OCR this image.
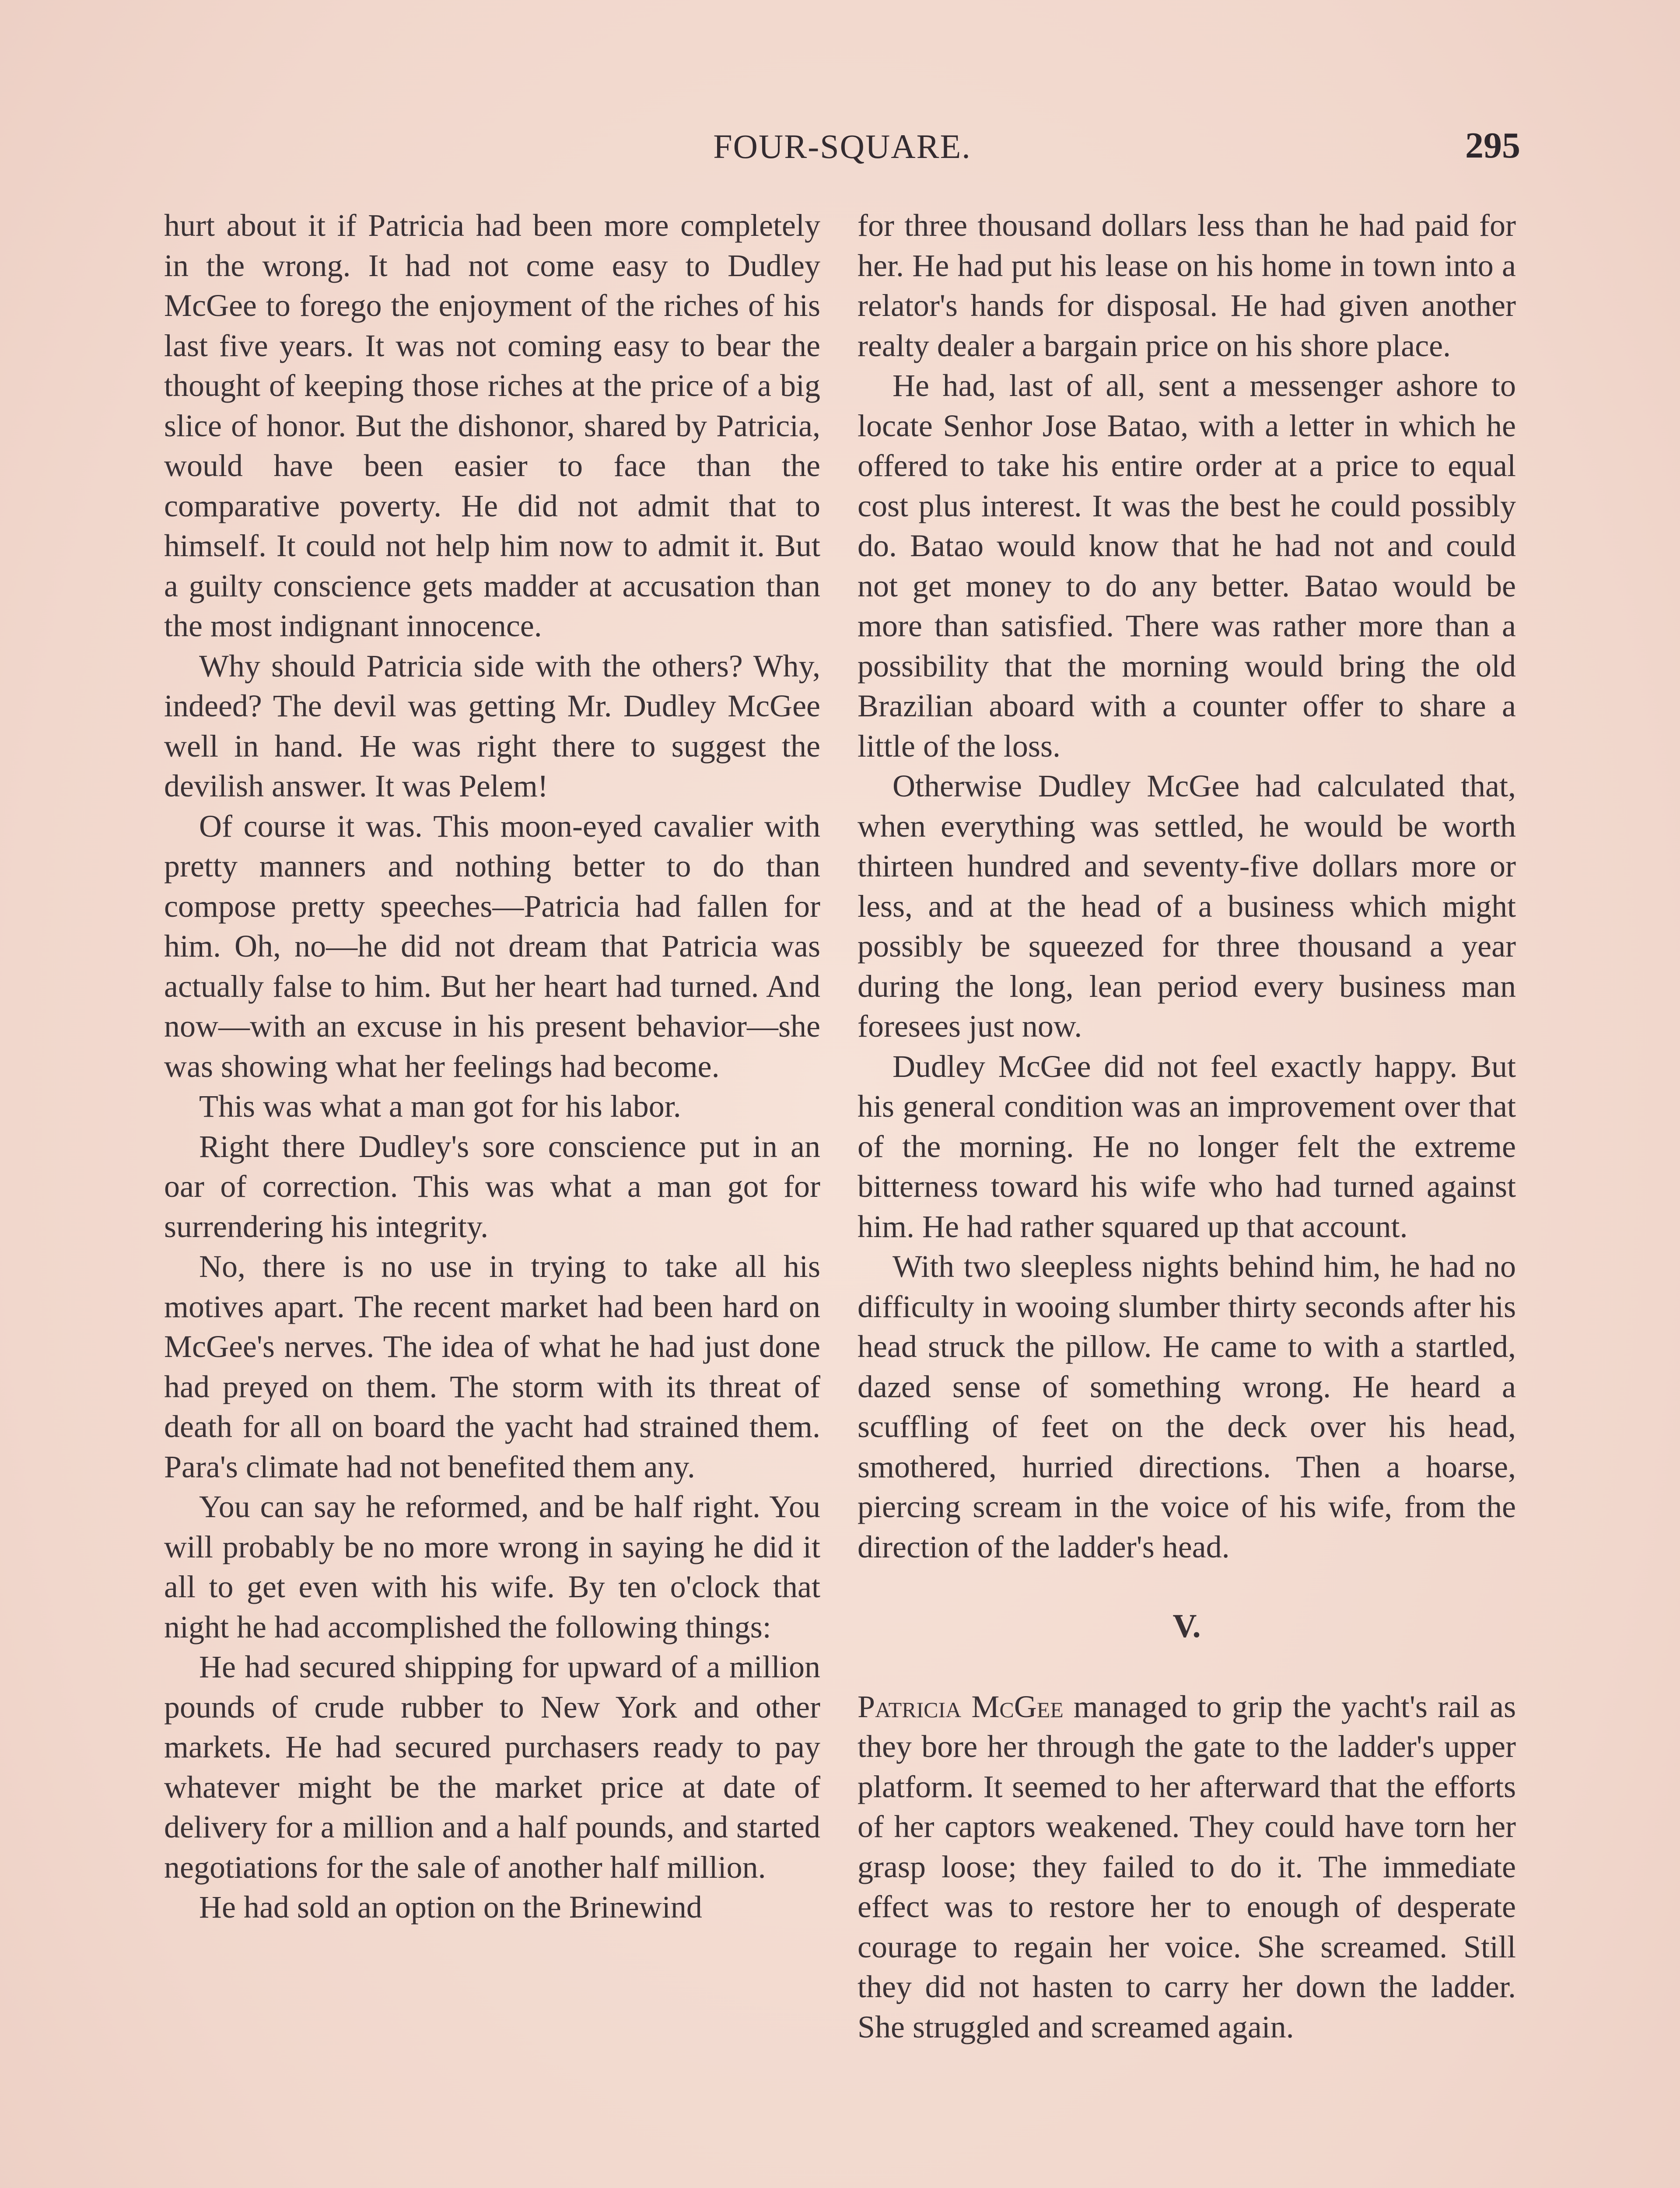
FOUR-SQUARE.	295

hurt about it if Patricia had been more completely in the wrong. It had not come easy to Dudley McGee to forego the enjoyment of the riches of his last five years. It was not coming easy to bear the thought of keeping those riches at the price of a big slice of honor. But the dishonor, shared by Patricia, would have been easier to face than the comparative poverty. He did not admit that to himself. It could not help him now to admit it. But a guilty conscience gets madder at accusation than the most indignant innocence.

Why should Patricia side with the others? Why, indeed? The devil was getting Mr. Dudley McGee well in hand. He was right there to suggest the devilish answer. It was Pelem!

Of course it was. This moon-eyed cavalier with pretty manners and nothing better to do than compose pretty speeches—Patricia had fallen for him. Oh, no—he did not dream that Patricia was actually false to him. But her heart had turned. And now—with an excuse in his present behavior—she was showing what her feelings had become.

This was what a man got for his labor.

Right there Dudley's sore conscience put in an oar of correction. This was what a man got for surrendering his integrity.

No, there is no use in trying to take all his motives apart. The recent market had been hard on McGee's nerves. The idea of what he had just done had preyed on them. The storm with its threat of death for all on board the yacht had strained them. Para's climate had not benefited them any.

You can say he reformed, and be half right. You will probably be no more wrong in saying he did it all to get even with his wife. By ten o'clock that night he had accomplished the following things:

He had secured shipping for upward of a million pounds of crude rubber to New York and other markets. He had secured purchasers ready to pay whatever might be the market price at date of delivery for a million and a half pounds, and started negotiations for the sale of another half million.

He had sold an option on the Brinewind

for three thousand dollars less than he had paid for her. He had put his lease on his home in town into a relator's hands for disposal. He had given another realty dealer a bargain price on his shore place.

He had, last of all, sent a messenger ashore to locate Senhor Jose Batao, with a letter in which he offered to take his entire order at a price to equal cost plus interest. It was the best he could possibly do. Batao would know that he had not and could not get money to do any better. Batao would be more than satisfied. There was rather more than a possibility that the morning would bring the old Brazilian aboard with a counter offer to share a little of the loss.

Otherwise Dudley McGee had calculated that, when everything was settled, he would be worth thirteen hundred and seventy-five dollars more or less, and at the head of a business which might possibly be squeezed for three thousand a year during the long, lean period every business man foresees just now.

Dudley McGee did not feel exactly happy. But his general condition was an improvement over that of the morning. He no longer felt the extreme bitterness toward his wife who had turned against him. He had rather squared up that account.

With two sleepless nights behind him, he had no difficulty in wooing slumber thirty seconds after his head struck the pillow. He came to with a startled, dazed sense of something wrong. He heard a scuffling of feet on the deck over his head, smothered, hurried directions. Then a hoarse, piercing scream in the voice of his wife, from the direction of the ladder's head.

V.

Patricia McGee managed to grip the yacht's rail as they bore her through the gate to the ladder's upper platform. It seemed to her afterward that the efforts of her captors weakened. They could have torn her grasp loose; they failed to do it. The immediate effect was to restore her to enough of desperate courage to regain her voice. She screamed. Still they did not hasten to carry her down the ladder. She struggled and screamed again.
